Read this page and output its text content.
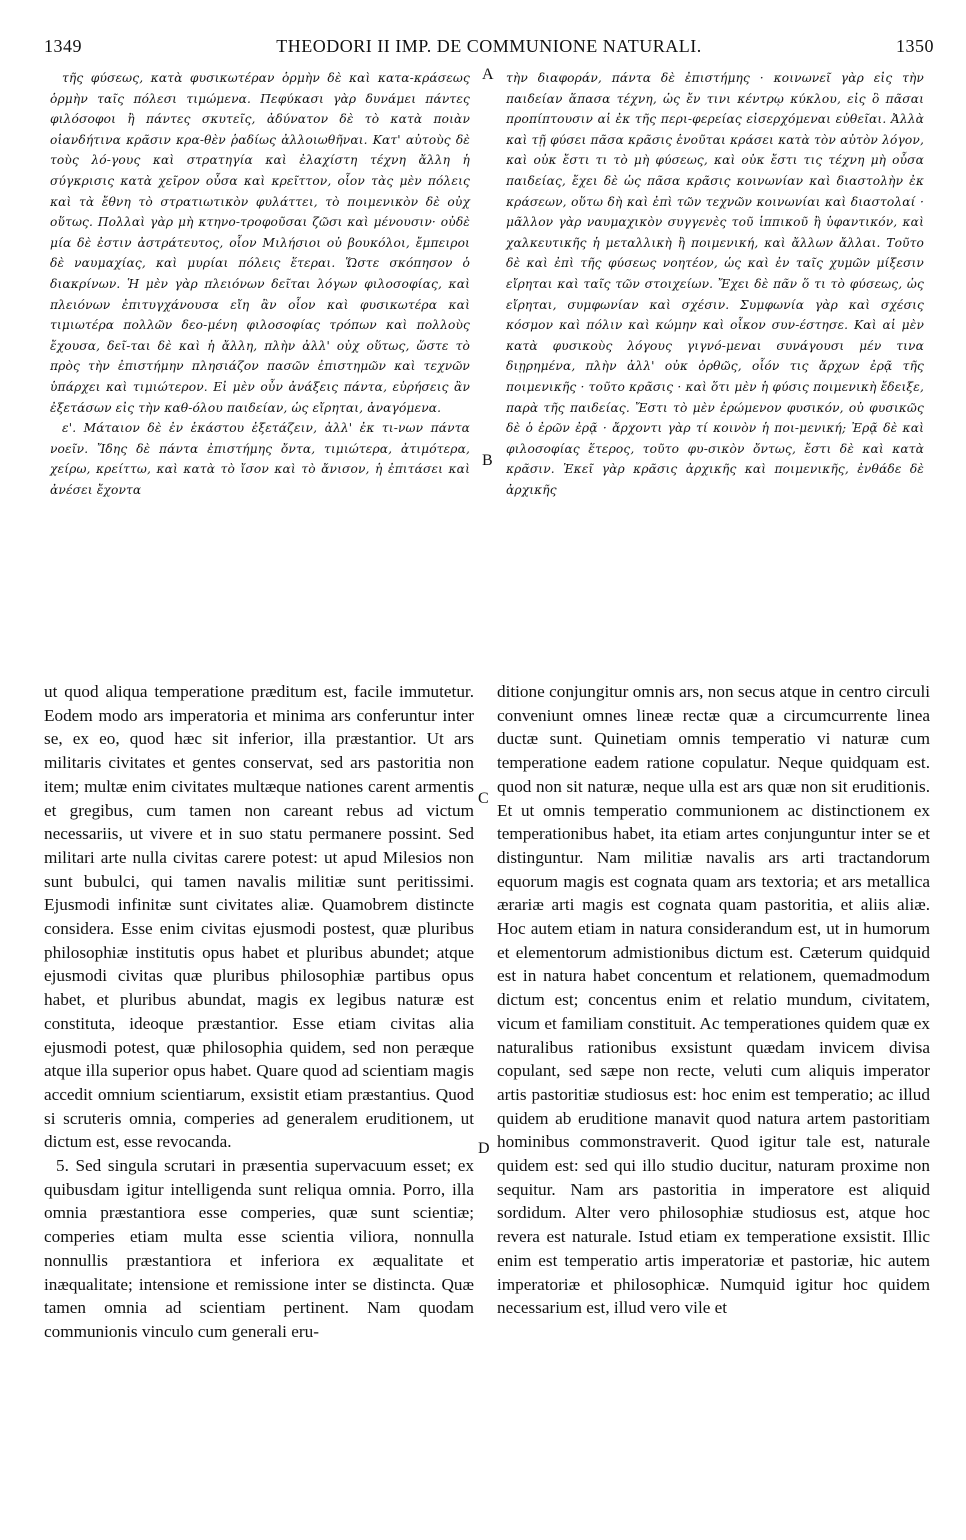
1349	THEODORI II IMP. DE COMMUNIONE NATURALI.	1350

τῆς φύσεως, κατὰ φυσικωτέραν ὁρμὴν δὲ καὶ κατα-κράσεως ὁρμὴν ταῖς πόλεσι τιμώμενα. Πεφύκασι γὰρ δυνάμει πάντες φιλόσοφοι ἢ πάντες σκυτεῖς, ἀδύνατον δὲ τὸ κατὰ ποιὰν οἱανδήτινα κρᾶσιν κρα-θὲν ῥαδίως ἀλλοιωθῆναι. Κατ' αὐτοὺς δὲ τοὺς λό-γους καὶ στρατηγία καὶ ἐλαχίστη τέχνη ἄλλη ἡ σύγκρισις κατὰ χεῖρον οὖσα καὶ κρεῖττον, οἷον τὰς μὲν πόλεις καὶ τὰ ἔθνη τὸ στρατιωτικὸν φυλάττει, τὸ ποιμενικὸν δὲ οὐχ οὕτως. Πολλαὶ γὰρ μὴ κτηνο-τροφοῦσαι ζῶσι καὶ μένουσιν· οὐδὲ μία δὲ ἐστιν ἀστράτευτος, οἷον Μιλήσιοι οὐ βουκόλοι, ἔμπειροι δὲ ναυμαχίας, καὶ μυρίαι πόλεις ἕτεραι. Ὥστε σκόπησον ὁ διακρίνων. Ἡ μὲν γὰρ πλειόνων δεῖται λόγων φιλοσοφίας, καὶ πλειόνων ἐπιτυγχάνουσα εἴη ἂν οἷον καὶ φυσικωτέρα καὶ τιμιωτέρα πολλῶν δεο-μένη φιλοσοφίας τρόπων καὶ πολλοὺς ἔχουσα, δεῖ-ται δὲ καὶ ἡ ἄλλη, πλὴν ἀλλ' οὐχ οὕτως, ὥστε τὸ πρὸς τὴν ἐπιστήμην πλησιάζον πασῶν ἐπιστημῶν καὶ τεχνῶν ὑπάρχει καὶ τιμιώτερον. Εἰ μὲν οὖν ἀνάξεις πάντα, εὑρήσεις ἂν ἐξετάσων εἰς τὴν καθ-όλου παιδείαν, ὡς εἴρηται, ἀναγόμενα.

ε'. Μάταιον δὲ ἐν ἑκάστου ἐξετάζειν, ἀλλ' ἐκ τι-νων πάντα νοεῖν. Ἴδης δὲ πάντα ἐπιστήμης ὄντα, τιμιώτερα, ἀτιμότερα, χείρω, κρείττω, καὶ κατὰ τὸ ἴσον καὶ τὸ ἄνισον, ἡ ἐπιτάσει καὶ ἀνέσει ἔχοντα

A τὴν διαφοράν, πάντα δὲ ἐπιστήμης · κοινωνεῖ γὰρ εἰς τὴν παιδείαν ἅπασα τέχνη, ὡς ἔν τινι κέντρῳ κύκλου, εἰς ὃ πᾶσαι προπίπτουσιν αἱ ἐκ τῆς περι-φερείας εἰσερχόμεναι εὐθεῖαι. Ἀλλὰ καὶ τῇ φύσει πᾶσα κρᾶσις ἑνοῦται κράσει κατὰ τὸν αὐτὸν λόγον, καὶ οὐκ ἔστι τι τὸ μὴ φύσεως, καὶ οὐκ ἔστι τις τέχνη μὴ οὖσα παιδείας, ἔχει δὲ ὡς πᾶσα κρᾶσις κοινωνίαν καὶ διαστολὴν ἐκ κράσεων, οὕτω δὴ καὶ ἐπὶ τῶν τεχνῶν κοινωνίαι καὶ διαστολαί · μᾶλλον γὰρ ναυμαχικὸν συγγενὲς τοῦ ἱππικοῦ ἢ ὑφαντικόν, καὶ χαλκευτικῆς ἡ μεταλλικὴ ἢ ποιμενική, καὶ ἄλλων ἄλλαι. Τοῦτο δὲ καὶ ἐπὶ τῆς φύσεως νοητέον, ὡς καὶ ἐν ταῖς χυμῶν μίξεσιν εἴρηται καὶ ταῖς τῶν στοιχείων. Ἔχει δὲ πᾶν ὅ τι τὸ φύσεως, ὡς εἴρηται, συμφωνίαν καὶ σχέσιν. Συμφωνία γὰρ καὶ σχέσις κόσμον καὶ πόλιν καὶ κώμην καὶ οἶκον συν-έστησε. Καὶ αἱ μὲν κατὰ φυσικοὺς λόγους γιγνό-μεναι συνάγουσι μέν τινα διῃρημένα, πλὴν ἀλλ' οὐκ ὀρθῶς, οἷόν τις ἄρχων ἐρᾷ τῆς ποιμενικῆς · τοῦτο κρᾶσις · καὶ ὅτι μὲν ἡ φύσις ποιμενικὴ ἔδειξε, παρὰ τῆς παιδείας. Ἔστι τὸ μὲν ἐρώμενον φυσικόν, οὐ φυσικῶς δὲ ὁ ἐρῶν ἐρᾷ · ἄρχοντι γὰρ τί κοινὸν ἡ ποι-μενική; Ἐρᾷ δὲ καὶ φιλοσοφίας ἕτερος, τοῦτο φυ-σικὸν ὄντως, ἔστι δὲ καὶ κατὰ κρᾶσιν. Ἐκεῖ γὰρ κρᾶσις ἀρχικῆς καὶ ποιμενικῆς, ἐνθάδε δὲ ἀρχικῆς

B

ut quod aliqua temperatione præditum est, facile immutetur. Eodem modo ars imperatoria et minima ars conferuntur inter se, ex eo, quod hæc sit inferior, illa præstantior. Ut ars militaris civitates et gentes conservat, sed ars pastoritia non item; multæ enim civitates multæque nationes carent armentis et gregibus, cum tamen non careant rebus ad victum necessariis, ut vivere et in suo statu permanere possint. Sed militari arte nulla civitas carere potest: ut apud Milesios non sunt bubulci, qui tamen navalis militiæ sunt peritissimi. Ejusmodi infinitæ sunt civitates aliæ. Quamobrem distincte considera. Esse enim civitas ejusmodi postest, quæ pluribus philosophiæ institutis opus habet et pluribus abundet; atque ejusmodi civitas quæ pluribus philosophiæ partibus opus habet, et pluribus abundat, magis ex legibus naturæ est constituta, ideoque præstantior. Esse etiam civitas alia ejusmodi potest, quæ philosophia quidem, sed non peræque atque illa superior opus habet. Quare quod ad scientiam magis accedit omnium scientiarum, exsistit etiam præstantius. Quod si scruteris omnia, comperies ad generalem eruditionem, ut dictum est, esse revocanda.

5. Sed singula scrutari in præsentia supervacuum esset; ex quibusdam igitur intelligenda sunt reliqua omnia. Porro, illa omnia præstantiora esse comperies, quæ sunt scientiæ; comperies etiam multa esse scientia viliora, nonnulla nonnullis præstantiora et inferiora ex æqualitate et inæqualitate; intensione et remissione inter se distincta. Quæ tamen omnia ad scientiam pertinent. Nam quodam communionis vinculo cum generali eru-

C
D

ditione conjungitur omnis ars, non secus atque in centro circuli conveniunt omnes lineæ rectæ quæ a circumcurrente linea ductæ sunt. Quinetiam omnis temperatio vi naturæ cum temperatione eadem ratione copulatur. Neque quidquam est. quod non sit naturæ, neque ulla est ars quæ non sit eruditionis. Et ut omnis temperatio communionem ac distinctionem ex temperationibus habet, ita etiam artes conjunguntur inter se et distinguntur. Nam militiæ navalis ars arti tractandorum equorum magis est cognata quam ars textoria; et ars metallica ærariæ arti magis est cognata quam pastoritia, et aliis aliæ. Hoc autem etiam in natura considerandum est, ut in humorum et elementorum admistionibus dictum est. Cæterum quidquid est in natura habet concentum et relationem, quemadmodum dictum est; concentus enim et relatio mundum, civitatem, vicum et familiam constituit. Ac temperationes quidem quæ ex naturalibus rationibus exsistunt quædam invicem divisa copulant, sed sæpe non recte, veluti cum aliquis imperator artis pastoritiæ studiosus est: hoc enim est temperatio; ac illud quidem ab eruditione manavit quod natura artem pastoritiam hominibus commonstraverit. Quod igitur tale est, naturale quidem est: sed qui illo studio ducitur, naturam proxime non sequitur. Nam ars pastoritia in imperatore est aliquid sordidum. Alter vero philosophiæ studiosus est, atque hoc revera est naturale. Istud etiam ex temperatione exsistit. Illic enim est temperatio artis imperatoriæ et pastoriæ, hic autem imperatoriæ et philosophicæ. Numquid igitur hoc quidem necessarium est, illud vero vile et
